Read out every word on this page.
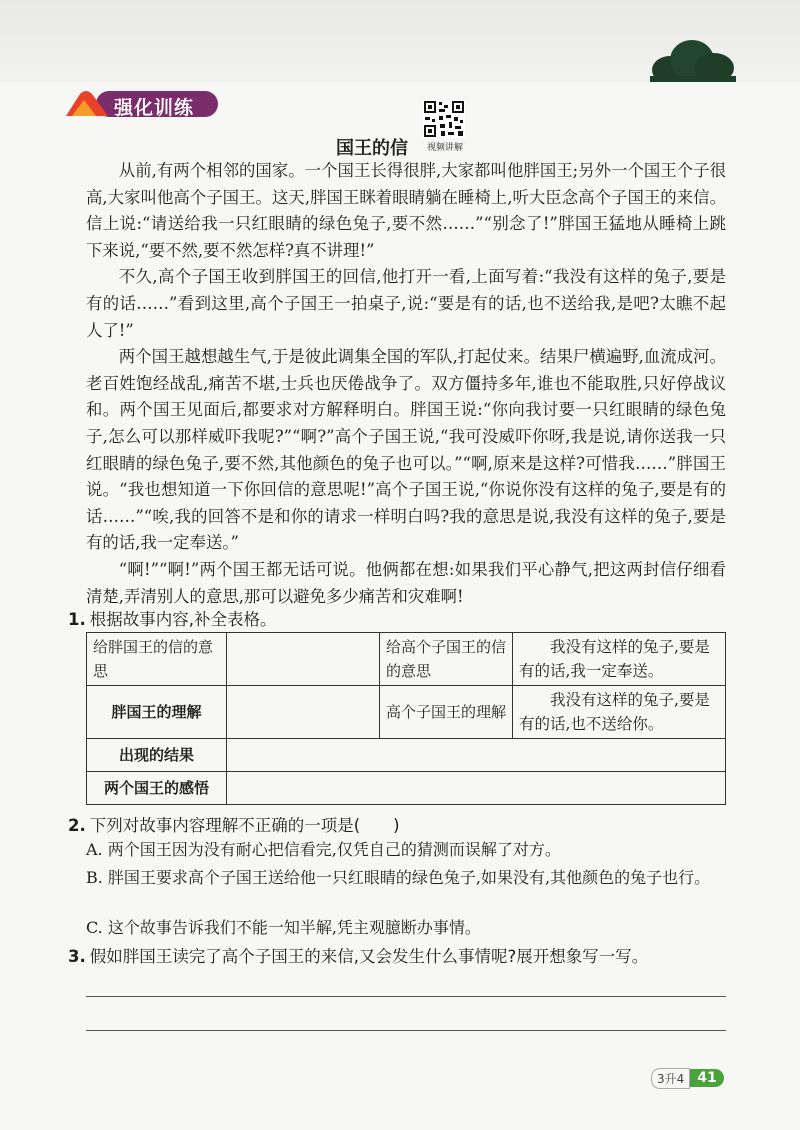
强化训练
视频讲解
国王的信

从前,有两个相邻的国家。一个国王长得很胖,大家都叫他胖国王;另外一个国王个子很高,大家叫他高个子国王。这天,胖国王眯着眼睛躺在睡椅上,听大臣念高个子国王的来信。信上说:“请送给我一只红眼睛的绿色兔子,要不然……”“别念了!”胖国王猛地从睡椅上跳下来说,“要不然,要不然怎样?真不讲理!”

不久,高个子国王收到胖国王的回信,他打开一看,上面写着:“我没有这样的兔子,要是有的话……”看到这里,高个子国王一拍桌子,说:“要是有的话,也不送给我,是吧?太瞧不起人了!”

两个国王越想越生气,于是彼此调集全国的军队,打起仗来。结果尸横遍野,血流成河。老百姓饱经战乱,痛苦不堪,士兵也厌倦战争了。双方僵持多年,谁也不能取胜,只好停战议和。两个国王见面后,都要求对方解释明白。胖国王说:“你向我讨要一只红眼睛的绿色兔子,怎么可以那样威吓我呢?”“啊?”高个子国王说,“我可没威吓你呀,我是说,请你送我一只红眼睛的绿色兔子,要不然,其他颜色的兔子也可以。”“啊,原来是这样?可惜我……”胖国王说。“我也想知道一下你回信的意思呢!”高个子国王说,“你说你没有这样的兔子,要是有的话……”“唉,我的回答不是和你的请求一样明白吗?我的意思是说,我没有这样的兔子,要是有的话,我一定奉送。”

“啊!”“啊!”两个国王都无话可说。他俩都在想:如果我们平心静气,把这两封信仔细看清楚,弄清别人的意思,那可以避免多少痛苦和灾难啊!

1. 根据故事内容,补全表格。
给胖国王的信的意思		给高个子国王的信的意思	我没有这样的兔子,要是有的话,我一定奉送。
胖国王的理解		高个子国王的理解	我没有这样的兔子,要是有的话,也不送给你。
出现的结果			
两个国王的感悟			
2. 下列对故事内容理解不正确的一项是(　　)
A. 两个国王因为没有耐心把信看完,仅凭自己的猜测而误解了对方。
B. 胖国王要求高个子国王送给他一只红眼睛的绿色兔子,如果没有,其他颜色的兔子也行。
C. 这个故事告诉我们不能一知半解,凭主观臆断办事情。
3. 假如胖国王读完了高个子国王的来信,又会发生什么事情呢?展开想象写一写。
3升4 41
